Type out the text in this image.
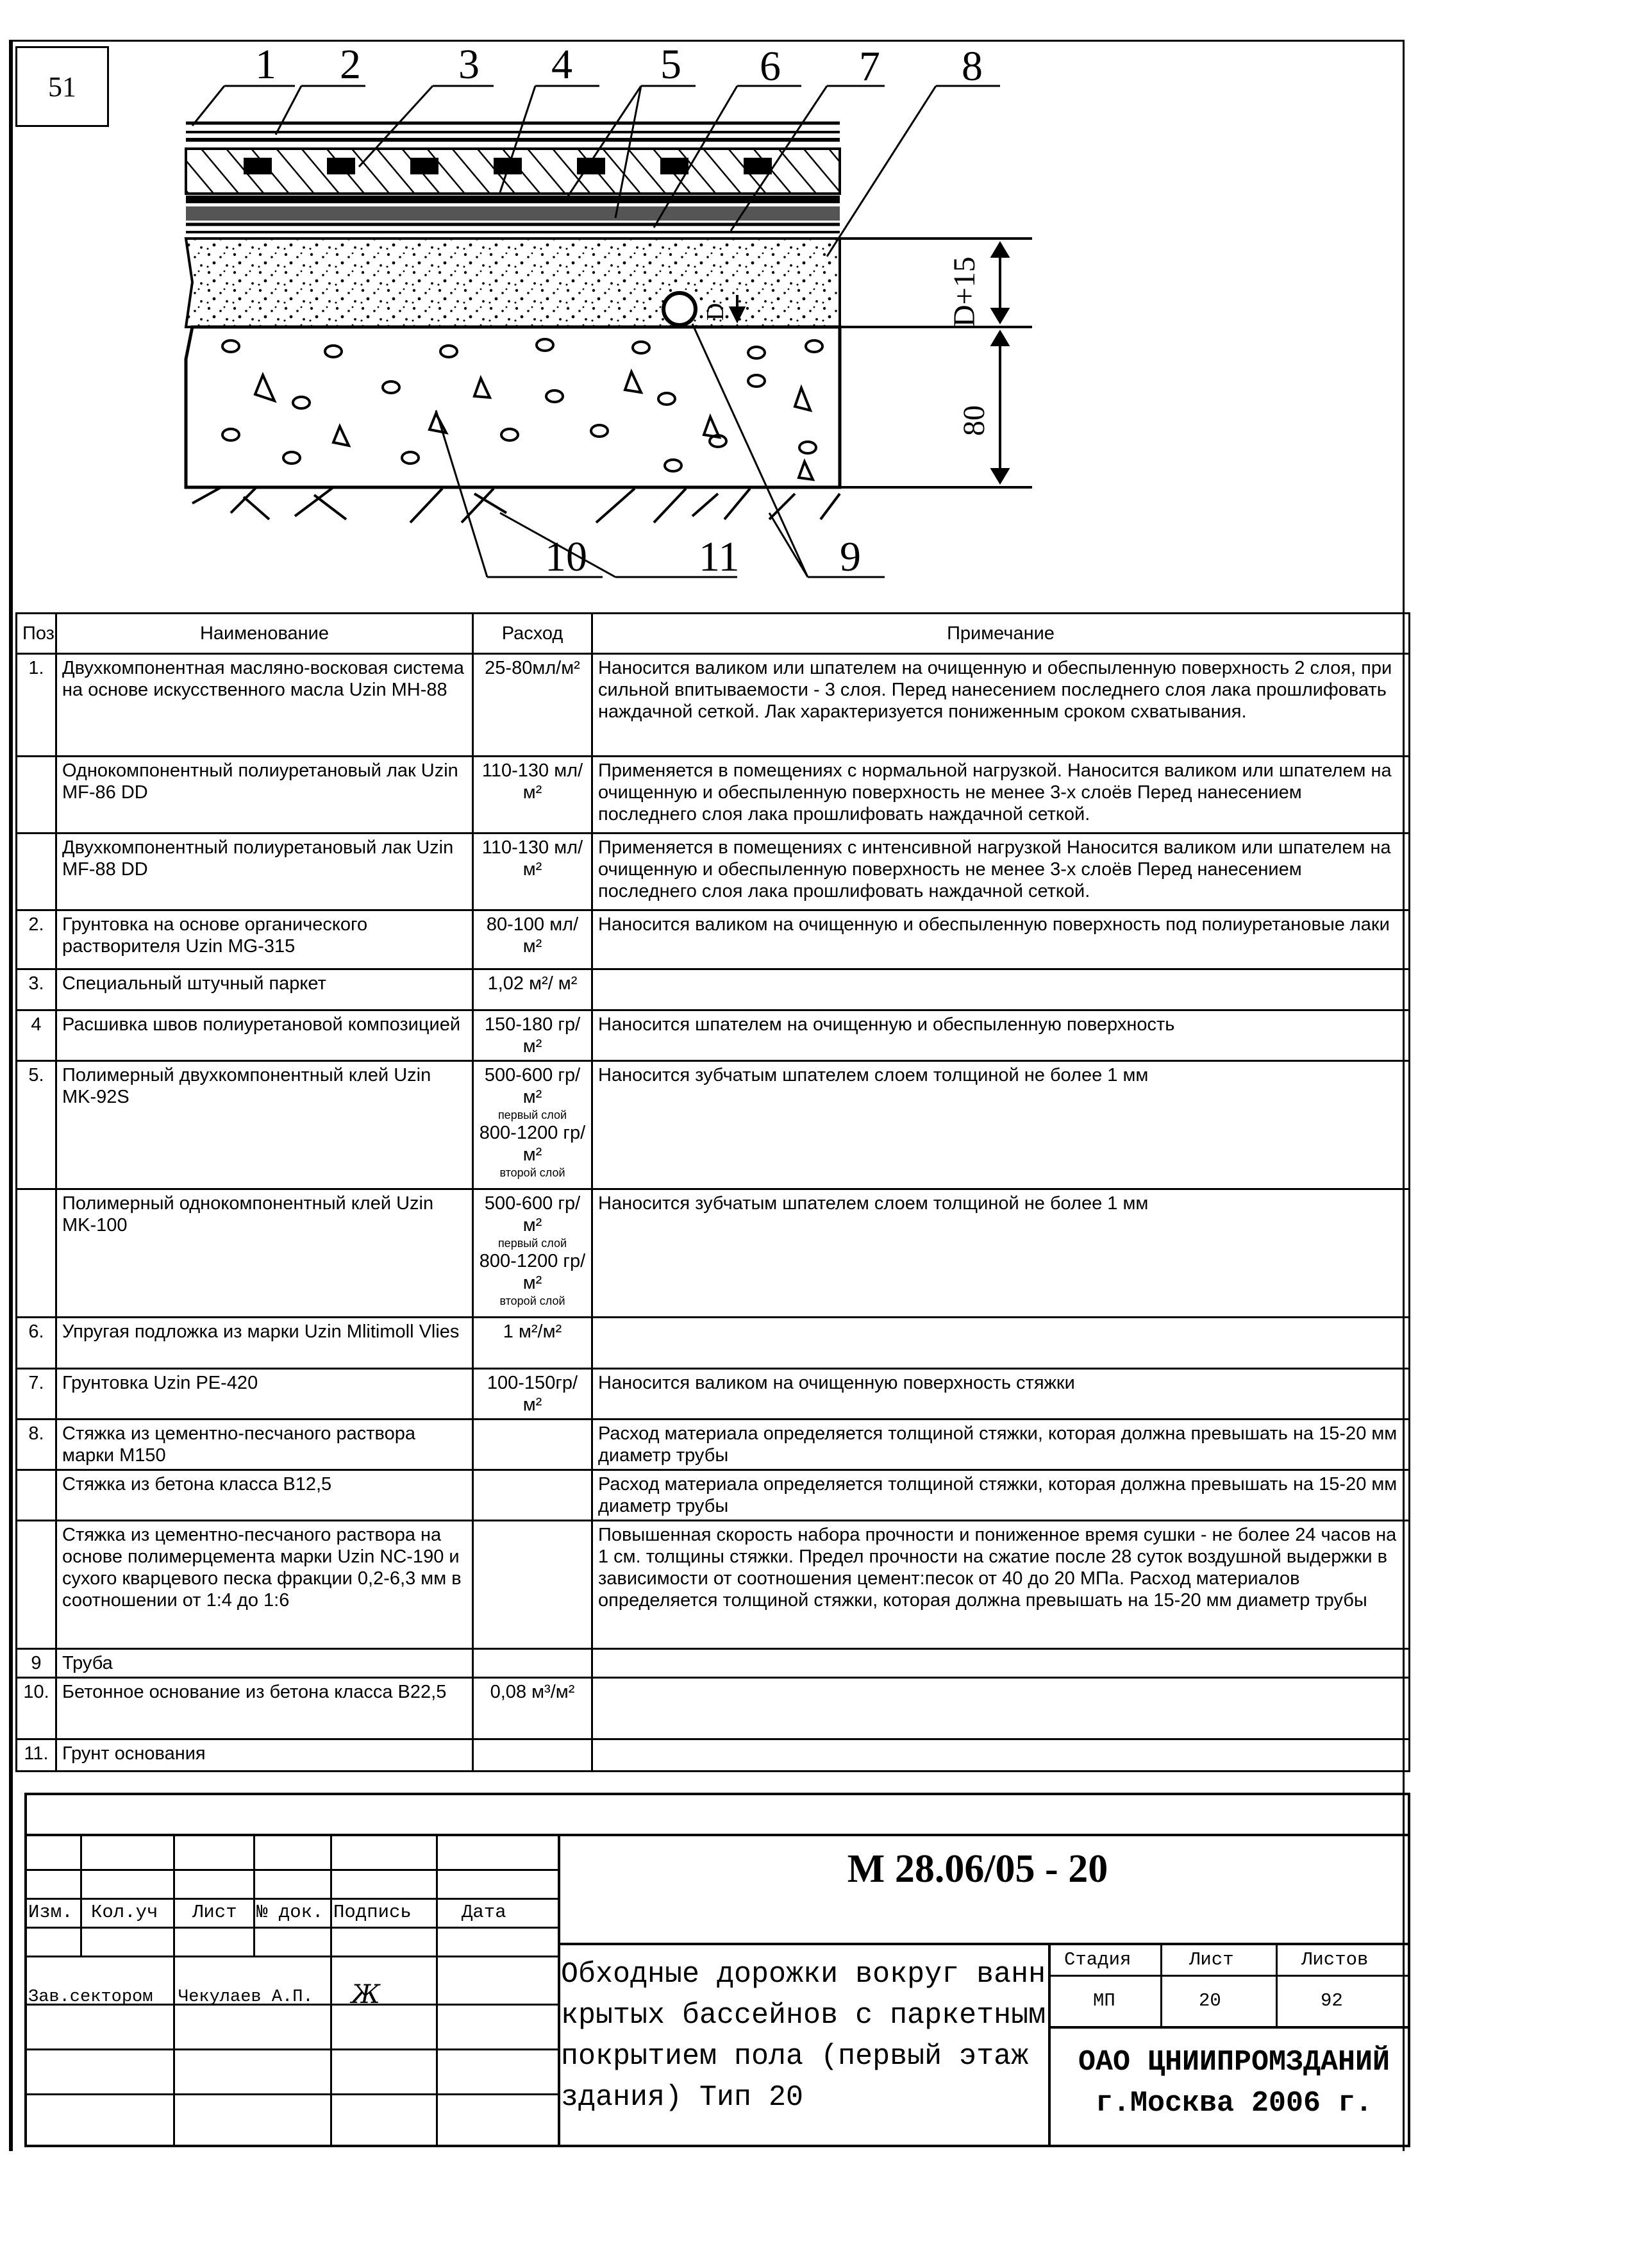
51	1 2 3 4 5 6 7 8
9
10	11
D+15
80
D
Поз	Наименование	Расход	Примечание
1.	Двухкомпонентная масляно-восковая система на основе искусственного масла Uzin MH-88	25-80мл/м²	Наносится валиком или шпателем на очищенную и обеспыленную поверхность 2 слоя, при сильной впитываемости - 3 слоя. Перед нанесением последнего слоя лака прошлифовать наждачной сеткой. Лак характеризуется пониженным сроком схватывания.
	Однокомпонентный полиуретановый лак Uzin MF-86 DD	110-130 мл/м²	Применяется в помещениях с нормальной нагрузкой. Наносится валиком или шпателем на очищенную и обеспыленную поверхность не менее 3-х слоёв Перед нанесением последнего слоя лака прошлифовать наждачной сеткой.
	Двухкомпонентный полиуретановый лак Uzin MF-88 DD	110-130 мл/м²	Применяется в помещениях с интенсивной нагрузкой Наносится валиком или шпателем на очищенную и обеспыленную поверхность не менее 3-х слоёв Перед нанесением последнего слоя лака прошлифовать наждачной сеткой.
2.	Грунтовка на основе органического растворителя Uzin MG-315	80-100 мл/м²	Наносится валиком на очищенную и обеспыленную поверхность под полиуретановые лаки
3.	Специальный штучный паркет	1,02 м²/ м²	
4	Расшивка швов полиуретановой композицией	150-180 гр/м²	Наносится шпателем на очищенную и обеспыленную поверхность
5.	Полимерный двухкомпонентный клей Uzin MK-92S	500-600 гр/м²
первый слой
800-1200 гр/м²
второй слой	Наносится зубчатым шпателем слоем толщиной не более 1 мм
	Полимерный однокомпонентный клей Uzin MK-100	500-600 гр/м²
первый слой
800-1200 гр/м²
второй слой	Наносится зубчатым шпателем слоем толщиной не более 1 мм
6.	Упругая подложка из марки Uzin Mlitimoll Vlies	1 м²/м²	
7.	Грунтовка Uzin PE-420	100-150гр/м²	Наносится валиком на очищенную поверхность стяжки
8.	Стяжка из цементно-песчаного раствора марки M150		Расход материала определяется толщиной стяжки, которая должна превышать на 15-20 мм диаметр трубы
	Стяжка из бетона класса B12,5		Расход материала определяется толщиной стяжки, которая должна превышать на 15-20 мм диаметр трубы
	Стяжка из цементно-песчаного раствора на основе полимерцемента марки Uzin NC-190 и сухого кварцевого песка фракции 0,2-6,3 мм в соотношении от 1:4 до 1:6		Повышенная скорость набора прочности и пониженное время сушки - не более 24 часов на 1 см. толщины стяжки. Предел прочности на сжатие после 28 суток воздушной выдержки в зависимости от соотношения цемент:песок от 40 до 20 МПа. Расход материалов определяется толщиной стяжки, которая должна превышать на 15-20 мм диаметр трубы
9	Труба		
10.	Бетонное основание из бетона класса B22,5	0,08 м³/м²	
11.	Грунт основания		
М 28.06/05 - 20
Изм. Кол.уч Лист № док. Подпись	Дата
Зав.сектором Чекулаев А.П. Ж
Обходные дорожки вокруг ванн крытых бассейнов с паркетным покрытием пола (первый этаж здания) Тип 20
Стадия	Лист	Листов
МП	20	92
ОАО ЦНИИПРОМЗДАНИЙ
г.Москва 2006 г.
